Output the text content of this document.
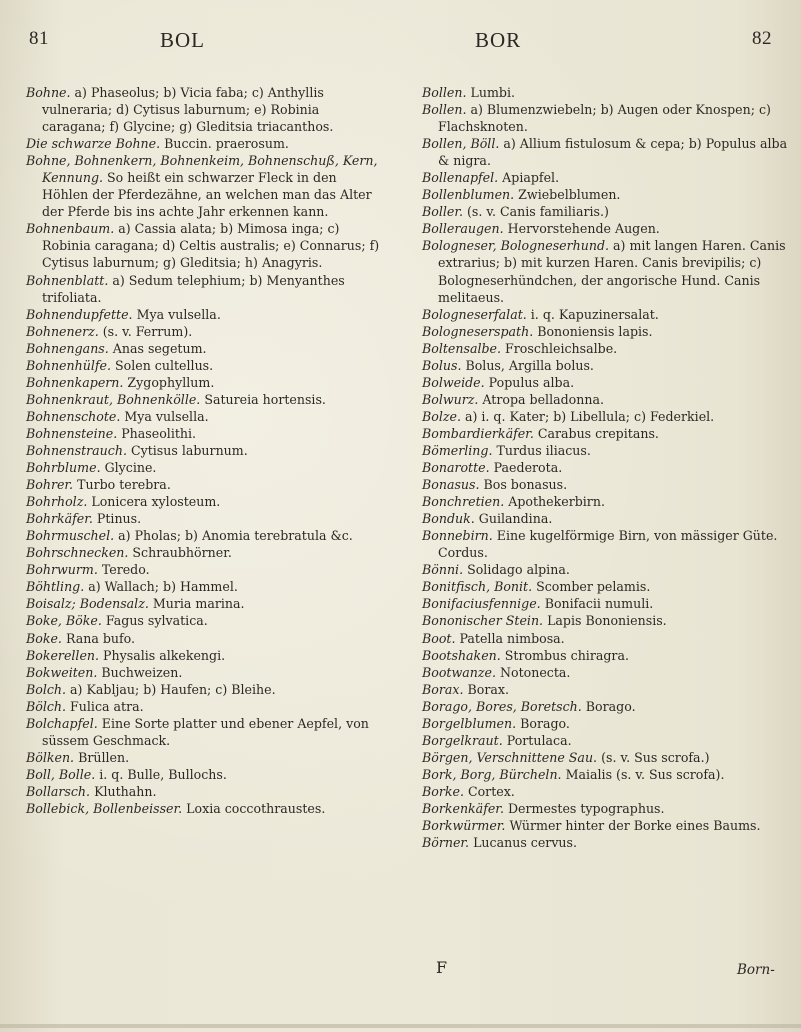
81	BOL	BOR	82

Bohne. a) Phaseolus; b) Vicia faba; c) Anthyllis vulneraria; d) Cytisus laburnum; e) Robinia caragana; f) Glycine; g) Gleditsia triacanthos.

Die schwarze Bohne. Buccin. praerosum.

Bohne, Bohnenkern, Bohnenkeim, Bohnenschuß, Kern, Kennung. So heißt ein schwarzer Fleck in den Höhlen der Pferdezähne, an welchen man das Alter der Pferde bis ins achte Jahr erkennen kann.

Bohnenbaum. a) Cassia alata; b) Mimosa inga; c) Robinia caragana; d) Celtis australis; e) Connarus; f) Cytisus laburnum; g) Gleditsia; h) Anagyris.

Bohnenblatt. a) Sedum telephium; b) Menyanthes trifoliata.

Bohnendupfette. Mya vulsella.

Bohnenerz. (s. v. Ferrum).

Bohnengans. Anas segetum.

Bohnenhülfe. Solen cultellus.

Bohnenkapern. Zygophyllum.

Bohnenkraut, Bohnenkölle. Satureia hortensis.

Bohnenschote. Mya vulsella.

Bohnensteine. Phaseolithi.

Bohnenstrauch. Cytisus laburnum.

Bohrblume. Glycine.

Bohrer. Turbo terebra.

Bohrholz. Lonicera xylosteum.

Bohrkäfer. Ptinus.

Bohrmuschel. a) Pholas; b) Anomia terebratula &c.

Bohrschnecken. Schraubhörner.

Bohrwurm. Teredo.

Böhtling. a) Wallach; b) Hammel.

Boisalz; Bodensalz. Muria marina.

Boke, Böke. Fagus sylvatica.

Boke. Rana bufo.

Bokerellen. Physalis alkekengi.

Bokweiten. Buchweizen.

Bolch. a) Kabljau; b) Haufen; c) Bleihe.

Bölch. Fulica atra.

Bolchapfel. Eine Sorte platter und ebener Aepfel, von süssem Geschmack.

Bölken. Brüllen.

Boll, Bolle. i. q. Bulle, Bullochs.

Bollarsch. Kluthahn.

Bollebick, Bollenbeisser. Loxia coccothraustes.

Bollen. Lumbi.

Bollen. a) Blumenzwiebeln; b) Augen oder Knospen; c) Flachsknoten.

Bollen, Böll. a) Allium fistulosum & cepa; b) Populus alba & nigra.

Bollenapfel. Apiapfel.

Bollenblumen. Zwiebelblumen.

Boller. (s. v. Canis familiaris.)

Bolleraugen. Hervorstehende Augen.

Bologneser, Bologneserhund. a) mit langen Haren. Canis extrarius; b) mit kurzen Haren. Canis brevipilis; c) Bologneserhündchen, der angorische Hund. Canis melitaeus.

Bologneserfalat. i. q. Kapuzinersalat.

Bologneserspath. Bononiensis lapis.

Boltensalbe. Froschleichsalbe.

Bolus. Bolus, Argilla bolus.

Bolweide. Populus alba.

Bolwurz. Atropa belladonna.

Bolze. a) i. q. Kater; b) Libellula; c) Federkiel.

Bombardierkäfer. Carabus crepitans.

Bömerling. Turdus iliacus.

Bonarotte. Paederota.

Bonasus. Bos bonasus.

Bonchretien. Apothekerbirn.

Bonduk. Guilandina.

Bonnebirn. Eine kugelförmige Birn, von mässiger Güte. Cordus.

Bönni. Solidago alpina.

Bonitfisch, Bonit. Scomber pelamis.

Bonifaciusfennige. Bonifacii numuli.

Bononischer Stein. Lapis Bononiensis.

Boot. Patella nimbosa.

Bootshaken. Strombus chiragra.

Bootwanze. Notonecta.

Borax. Borax.

Borago, Bores, Boretsch. Borago.

Borgelblumen. Borago.

Borgelkraut. Portulaca.

Börgen, Verschnittene Sau. (s. v. Sus scrofa.)

Bork, Borg, Bürcheln. Maialis (s. v. Sus scrofa).

Borke. Cortex.

Borkenkäfer. Dermestes typographus.

Borkwürmer. Würmer hinter der Borke eines Baums.

Börner. Lucanus cervus.

F	Born-
